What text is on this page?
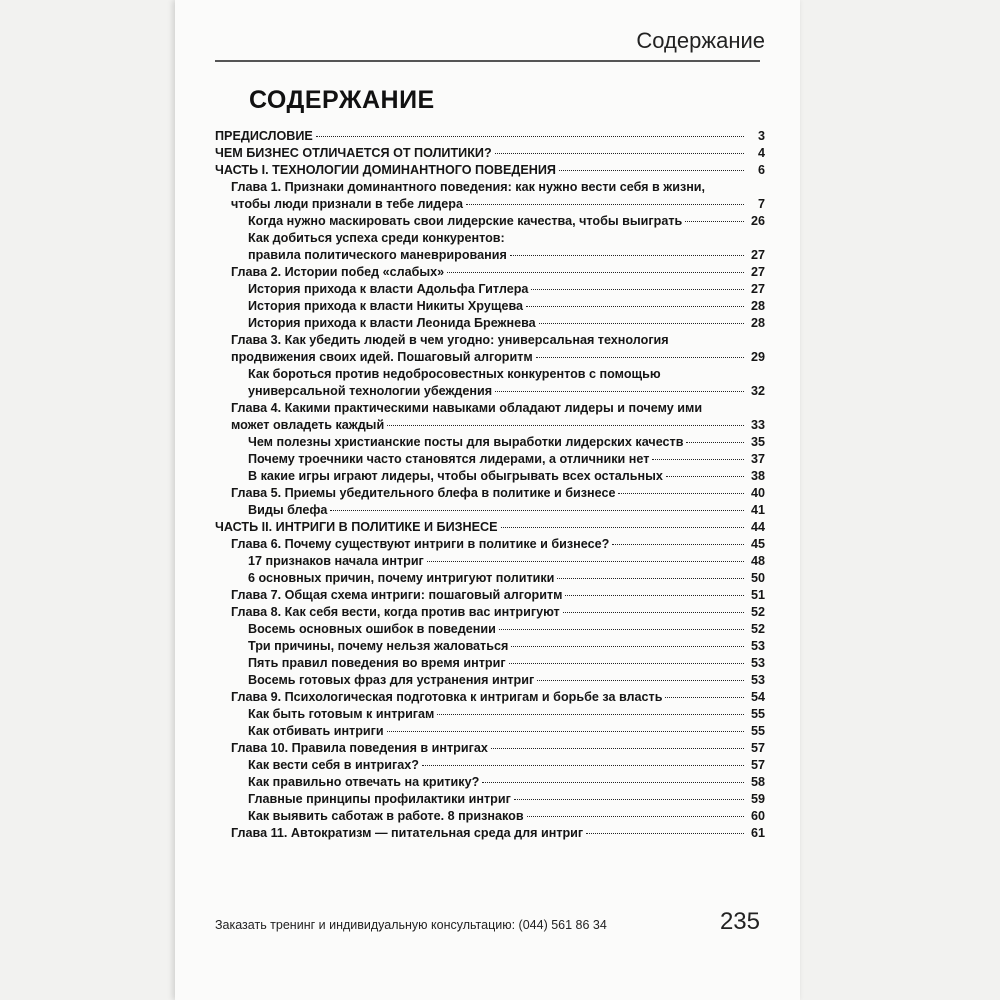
Содержание
СОДЕРЖАНИЕ
ПРЕДИСЛОВИЕ	3
ЧЕМ БИЗНЕС ОТЛИЧАЕТСЯ ОТ ПОЛИТИКИ?	4
ЧАСТЬ I. ТЕХНОЛОГИИ ДОМИНАНТНОГО ПОВЕДЕНИЯ	6
Глава 1. Признаки доминантного поведения: как нужно вести себя в жизни,
чтобы люди признали в тебе лидера	7
Когда нужно маскировать свои лидерские качества, чтобы выиграть	26
Как добиться успеха среди конкурентов:
правила политического маневрирования	27
Глава 2. Истории побед «слабых»	27
История прихода к власти Адольфа Гитлера	27
История прихода к власти Никиты Хрущева	28
История прихода к власти Леонида Брежнева	28
Глава 3. Как убедить людей в чем угодно: универсальная технология
продвижения своих идей. Пошаговый алгоритм	29
Как бороться против недобросовестных конкурентов с помощью
универсальной технологии убеждения	32
Глава 4. Какими практическими навыками обладают лидеры и почему ими
может овладеть каждый	33
Чем полезны христианские посты для выработки лидерских качеств	35
Почему троечники часто становятся лидерами, а отличники нет	37
В какие игры играют лидеры, чтобы обыгрывать всех остальных	38
Глава 5. Приемы убедительного блефа в политике и бизнесе	40
Виды блефа	41
ЧАСТЬ II. ИНТРИГИ В ПОЛИТИКЕ И БИЗНЕСЕ	44
Глава 6. Почему существуют интриги в политике и бизнесе?	45
17 признаков начала интриг	48
6 основных причин, почему интригуют политики	50
Глава 7. Общая схема интриги: пошаговый алгоритм	51
Глава 8. Как себя вести, когда против вас интригуют	52
Восемь основных ошибок в поведении	52
Три причины, почему нельзя жаловаться	53
Пять правил поведения во время интриг	53
Восемь готовых фраз для устранения интриг	53
Глава 9. Психологическая подготовка к интригам и борьбе за власть	54
Как быть готовым к интригам	55
Как отбивать интриги	55
Глава 10. Правила поведения в интригах	57
Как вести себя в интригах?	57
Как правильно отвечать на критику?	58
Главные принципы профилактики интриг	59
Как выявить саботаж в работе. 8 признаков	60
Глава 11. Автократизм — питательная среда для интриг	61
Заказать тренинг и индивидуальную консультацию: (044) 561 86 34	235
